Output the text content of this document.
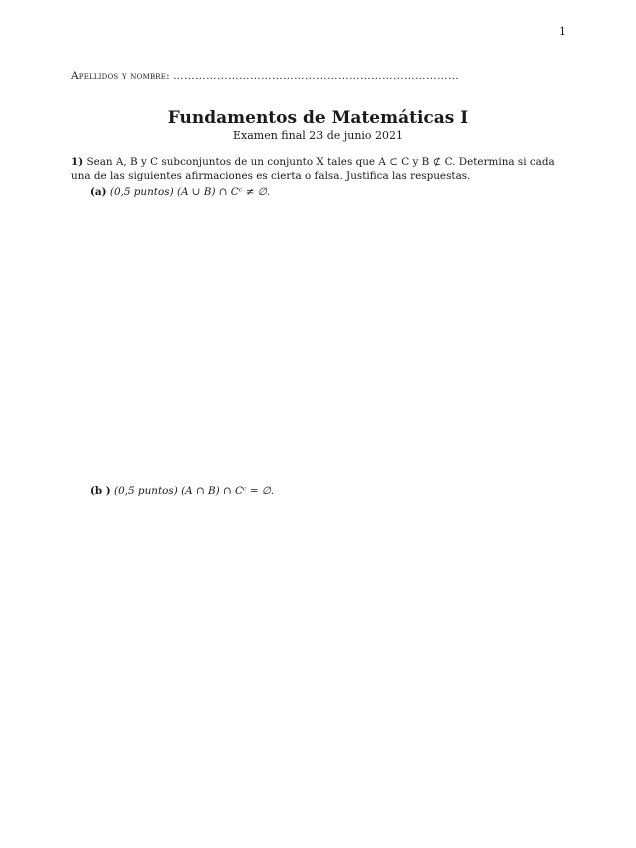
1
Apellidos y nombre: ……………………………………………………………………
Fundamentos de Matemáticas I
Examen final 23 de junio 2021
1) Sean A, B y C subconjuntos de un conjunto X tales que A ⊂ C y B ⊄ C. Determina si cada una de las siguientes afirmaciones es cierta o falsa. Justifica las respuestas.
(a) (0,5 puntos) (A ∪ B) ∩ Cᶜ ≠ ∅.
(b ) (0,5 puntos) (A ∩ B) ∩ Cᶜ = ∅.
